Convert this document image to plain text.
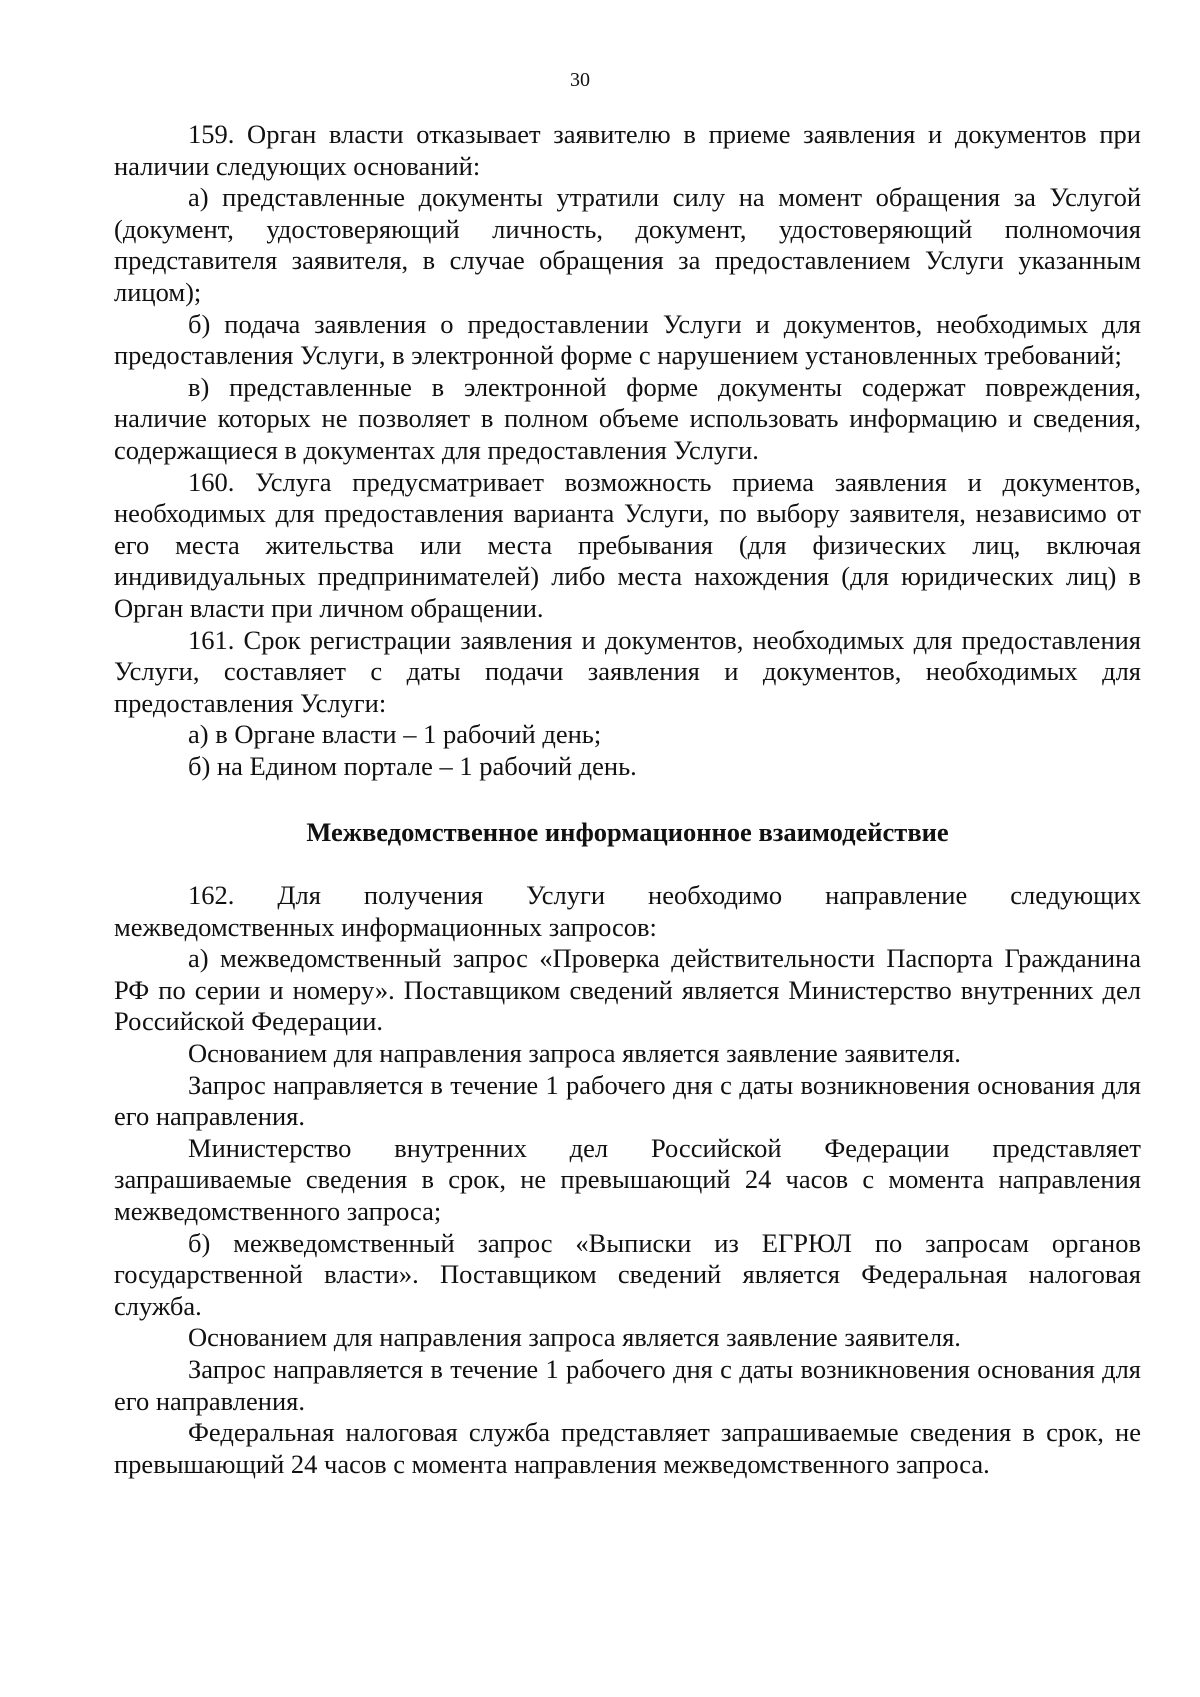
30

159. Орган власти отказывает заявителю в приеме заявления и документов при наличии следующих оснований:

а) представленные документы утратили силу на момент обращения за Услугой (документ, удостоверяющий личность, документ, удостоверяющий полномочия представителя заявителя, в случае обращения за предоставлением Услуги указанным лицом);

б) подача заявления о предоставлении Услуги и документов, необходимых для предоставления Услуги, в электронной форме с нарушением установленных требований;

в) представленные в электронной форме документы содержат повреждения, наличие которых не позволяет в полном объеме использовать информацию и сведения, содержащиеся в документах для предоставления Услуги.

160. Услуга предусматривает возможность приема заявления и документов, необходимых для предоставления варианта Услуги, по выбору заявителя, независимо от его места жительства или места пребывания (для физических лиц, включая индивидуальных предпринимателей) либо места нахождения (для юридических лиц) в Орган власти при личном обращении.

161. Срок регистрации заявления и документов, необходимых для предоставления Услуги, составляет с даты подачи заявления и документов, необходимых для предоставления Услуги:

а) в Органе власти – 1 рабочий день;

б) на Едином портале – 1 рабочий день.

Межведомственное информационное взаимодействие

162. Для получения Услуги необходимо направление следующих межведомственных информационных запросов:

а) межведомственный запрос «Проверка действительности Паспорта Гражданина РФ по серии и номеру». Поставщиком сведений является Министерство внутренних дел Российской Федерации.

Основанием для направления запроса является заявление заявителя.

Запрос направляется в течение 1 рабочего дня с даты возникновения основания для его направления.

Министерство внутренних дел Российской Федерации представляет запрашиваемые сведения в срок, не превышающий 24 часов с момента направления межведомственного запроса;

б) межведомственный запрос «Выписки из ЕГРЮЛ по запросам органов государственной власти». Поставщиком сведений является Федеральная налоговая служба.

Основанием для направления запроса является заявление заявителя.

Запрос направляется в течение 1 рабочего дня с даты возникновения основания для его направления.

Федеральная налоговая служба представляет запрашиваемые сведения в срок, не превышающий 24 часов с момента направления межведомственного запроса.
